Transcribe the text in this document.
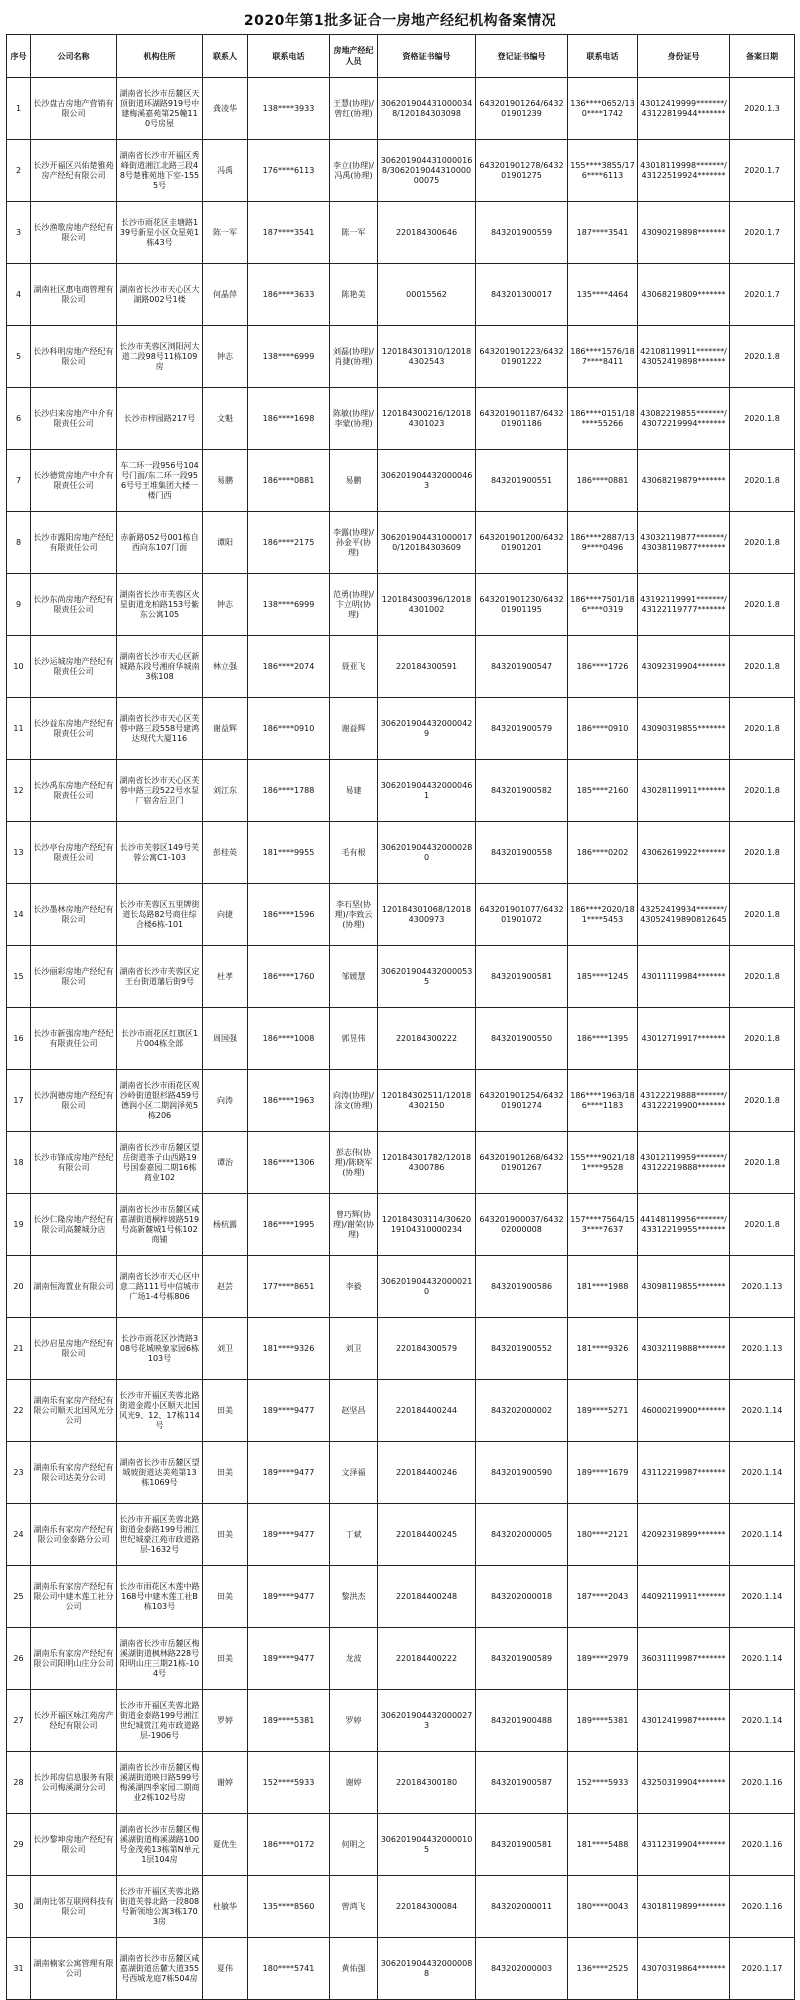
2020年第1批多证合一房地产经纪机构备案情况
序号	公司名称	机构住所	联系人	联系电话	房地产经纪人员	资格证书编号	登记证书编号	联系电话	身份证号	备案日期
1	长沙盘古房地产营销有限公司	湖南省长沙市岳麓区天顶街道环湖路919号中建梅溪嘉苑第25幢110号房屋	龚凌华	138****3933	王慧(协理)/曾红(协理)	3062019044310000348/120184303098	643201901264/643201901239	136****0652/130****1742	43012419999*******/43122819944*******	2020.1.3
2	长沙开福区兴佑楚雅苑房产经纪有限公司	湖南省长沙市开福区秀峰街道湘江北路三段48号楚雅苑地下室-1555号	冯禹	176****6113	李立(协理)/冯禹(协理)	3062019044310000168/306201904431000000075	643201901278/643201901275	155****3855/176****6113	43018119998*******/43122519924*******	2020.1.7
3	长沙渔歌房地产经纪有限公司	长沙市雨花区圭塘路139号新星小区众星苑1栋43号	陈一军	187****3541	陈一军	220184300646	843201900559	187****3541	43090219898*******	2020.1.7
4	湖南社区惠电商管理有限公司	湖南省长沙市天心区大湖路002号1楼	何晶萍	186****3633	陈艳美	00015562	843201300017	135****4464	43068219809*******	2020.1.7
5	长沙科明房地产经纪有限公司	长沙市芙蓉区浏阳河大道二段98号11栋109房	钟志	138****6999	刘磊(协理)/肖捷(协理)	120184301310/120184302543	643201901223/643201901222	186****1576/187****8411	42108119911*******/43052419898*******	2020.1.8
6	长沙归来房地产中介有限责任公司	长沙市梓园路217号	文魁	186****1698	陈敏(协理)/李蒙(协理)	120184300216/120184301023	643201901187/643201901186	186****0151/18****55266	43082219855*******/43072219994*******	2020.1.8
7	长沙德赏房地产中介有限责任公司	车二环一段956号104号门面/东二环一段956号号王堆集团大楼一楼门西	易鹏	186****0881	易鹏	3062019044320000463	843201900551	186****0881	43068219879*******	2020.1.8
8	长沙市露阳房地产经纪有限责任公司	赤新路052号001栋自西向东107门面	谭阳	186****2175	李露(协理)/孙金平(协理)	3062019044310000170/120184303609	643201901200/643201901201	186****2887/139****0496	43032119877*******/43038119877*******	2020.1.8
9	长沙东尚房地产经纪有限责任公司	湖南省长沙市芙蓉区火星街道龙柏路153号紫东公寓105	钟志	138****6999	范勇(协理)/卞立明(协理)	120184300396/120184301002	643201901230/643201901195	186****7501/186****0319	43192119991*******/43122119777*******	2020.1.8
10	长沙运城房地产经纪有限责任公司	湖南省长沙市天心区新城路东段号湘府华城南3栋108	林立强	186****2074	聂亚飞	220184300591	843201900547	186****1726	43092319904*******	2020.1.8
11	长沙益东房地产经纪有限责任公司	湖南省长沙市天心区芙蓉中路三段558号建鸿达现代大厦116	谢益辉	186****0910	谢益辉	3062019044320000429	843201900579	186****0910	43090319855*******	2020.1.8
12	长沙禹东房地产经纪有限责任公司	湖南省长沙市天心区芙蓉中路三段522号水泵厂宿舍后卫门	刘江东	186****1788	易建	3062019044320000461	843201900582	185****2160	43028119911*******	2020.1.8
13	长沙亭台房地产经纪有限责任公司	长沙市芙蓉区149号芙蓉公寓C1-103	彭桂英	181****9955	毛有根	3062019044320000280	843201900558	186****0202	43062619922*******	2020.1.8
14	长沙墨林房地产经纪有限公司	长沙市芙蓉区五里牌街道长岛路82号商住综合楼6栋-101	向捷	186****1596	李石坚(协理)/李致云(协理)	120184301068/120184300973	643201901077/643201901072	186****2020/181****5453	43252419934*******/43052419890812645	2020.1.8
15	长沙丽彩房地产经纪有限公司	湖南省长沙市芙蓉区定王台街道藩后街9号	杜孝	186****1760	邹媛慧	3062019044320000535	843201900581	185****1245	43011119984*******	2020.1.8
16	长沙市新强房地产经纪有限责任公司	长沙市雨花区红旗区1片004栋全部	周国强	186****1008	郭昱伟	220184300222	843201900550	186****1395	43012719917*******	2020.1.8
17	长沙润德房地产经纪有限公司	湖南省长沙市雨花区观沙岭街道银杉路459号德润小区二期润泽苑5栋206	向涛	186****1963	向涛(协理)/涂文(协理)	120184302511/120184302150	643201901254/643201901274	186****1963/186****1183	43122219888*******/43122219900*******	2020.1.8
18	长沙市锋成房地产经纪有限公司	湖南省长沙市岳麓区望岳街道茶子山西路19号国泰嘉园二期16栋商业102	谭治	186****1306	彭志伟(协理)/陈晓军(协理)	120184301782/120184300786	643201901268/643201901267	155****9021/181****9528	43012119959*******/43122219888*******	2020.1.8
19	长沙仁隆房地产经纪有限公司高麓城分店	湖南省长沙市岳麓区咸嘉湖街道桐梓坡路519号高新麓城1号栋102商铺	杨杭露	186****1995	曾巧辉(协理)/谢荣(协理)	120184303114/3062019104310000234	643201900037/643202000008	157****7564/153****7637	44148119956*******/43312219955*******	2020.1.8
20	湖南恒海置业有限公司	湖南省长沙市天心区中意二路111号中信城市广场1-4号栋806	赵芸	177****8651	李毅	3062019044320000210	843201900586	181****1988	43098119855*******	2020.1.13
21	长沙启星房地产经纪有限公司	长沙市雨花区沙湾路308号花城映象家园6栋103号	刘卫	181****9326	刘卫	220184300579	843201900552	181****9326	43032119888*******	2020.1.13
22	湖南乐有家房产经纪有限公司顺天北国风光分公司	长沙市开福区芙蓉北路街道金霞小区顺天北国风光9、12、17栋114号	田美	189****9477	赵坚昌	220184400244	843202000002	189****5271	46000219900*******	2020.1.14
23	湖南乐有家房产经纪有限公司达美分公司	湖南省长沙市岳麓区望城坡街道达美苑第13栋1069号	田美	189****9477	文泽福	220184400246	843201900590	189****1679	43112219987*******	2020.1.14
24	湖南乐有家房产经纪有限公司金泰路分公司	长沙市开福区芙蓉北路街道金泰路199号湘江世纪城豪江苑市政道路层-1632号	田美	189****9477	丁斌	220184400245	843202000005	180****2121	42092319899*******	2020.1.14
25	湖南乐有家房产经纪有限公司中建木莲工社分公司	长沙市雨花区木莲中路168号中建木莲工社B栋103号	田美	189****9477	黎洪杰	220184400248	843202000018	187****2043	44092119911*******	2020.1.14
26	湖南乐有家房产经纪有限公司阳明山庄分公司	湖南省长沙市岳麓区梅溪湖街道枫林路228号阳明山庄三期21栋-104号	田美	189****9477	龙波	220184400222	843201900589	189****2979	36031119987*******	2020.1.14
27	长沙开福区咏江苑房产经纪有限公司	长沙市开福区芙蓉北路街道金泰路199号湘江世纪城赏江苑市政道路层-1906号	罗婷	189****5381	罗婷	3062019044320000273	843201900488	189****5381	43012419987*******	2020.1.14
28	长沙邦房信息服务有限公司梅溪湖分公司	湖南省长沙市岳麓区梅溪湖街道映日路599号梅溪湖四季家园二期商业2栋102号房	谢婷	152****5933	谢婷	220184300180	843201900587	152****5933	43250319904*******	2020.1.16
29	长沙黎坤房地产经纪有限公司	湖南省长沙市岳麓区梅溪湖街道梅溪湖路100号金茂苑13栋第N单元1层104房	夏优生	186****0172	何明之	3062019044320000105	843201900581	181****5488	43112319904*******	2020.1.16
30	湖南比邻互联网科技有限公司	长沙市开福区芙蓉北路街道芙蓉北路一段808号新领地公寓3栋1703房	杜敏华	135****8560	曾鸿飞	220184300084	843202000011	180****0043	43018119899*******	2020.1.16
31	湖南楠家公寓管理有限公司	湖南省长沙市岳麓区咸嘉湖街道岳麓大道355号西城龙庭7栋504房	夏伟	180****5741	黄佑强	3062019044320000088	843202000003	136****2525	43070319864*******	2020.1.17
